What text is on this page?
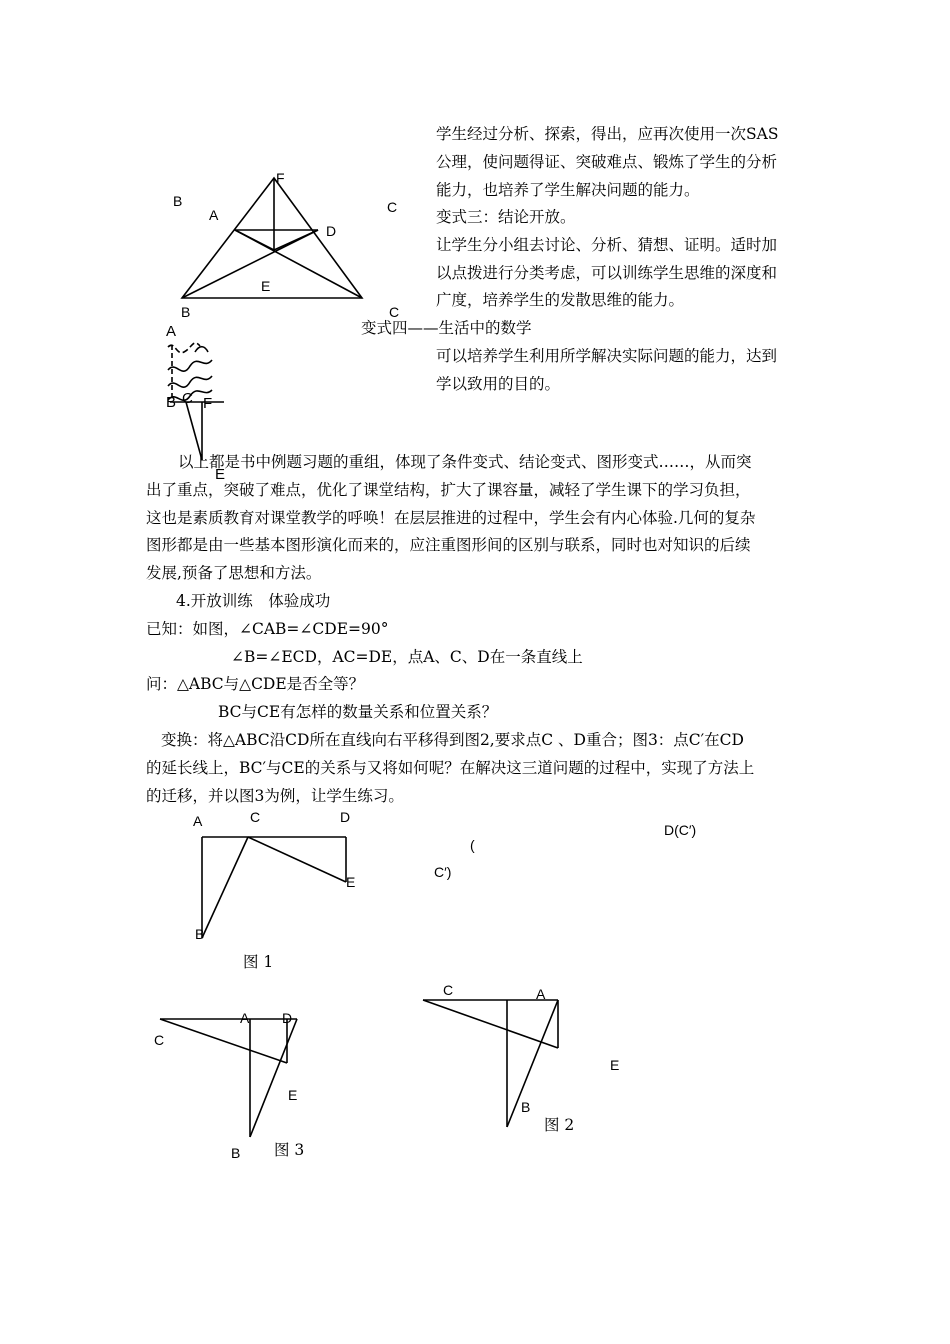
学生经过分析、探索，得出，应再次使用一次SAS
公理，使问题得证、突破难点、锻炼了学生的分析
能力，也培养了学生解决问题的能力。
变式三：结论开放。
让学生分小组去讨论、分析、猜想、证明。适时加
以点拨进行分类考虑，可以训练学生思维的深度和
广度，培养学生的发散思维的能力。
变式四——生活中的数学
可以培养学生利用所学解决实际问题的能力，达到
学以致用的目的。
F
B
A	C
D
E
B	C
A
B C F
E
以上都是书中例题习题的重组，体现了条件变式、结论变式、图形变式……，从而突
出了重点，突破了难点，优化了课堂结构，扩大了课容量，减轻了学生课下的学习负担，
这也是素质教育对课堂教学的呼唤！在层层推进的过程中，学生会有内心体验.几何的复杂
图形都是由一些基本图形演化而来的，应注重图形间的区别与联系，同时也对知识的后续
发展,预备了思想和方法。
4.开放训练　体验成功
已知：如图，∠CAB=∠CDE=90°
∠B=∠ECD，AC=DE，点A、C、D在一条直线上
问：△ABC与△CDE是否全等？
BC与CE有怎样的数量关系和位置关系？
变换：将△ABC沿CD所在直线向右平移得到图2,要求点C 、D重合；图3：点C′在CD
的延长线上，BC′与CE的关系与又将如何呢？在解决这三道问题的过程中，实现了方法上
的迁移，并以图3为例，让学生练习。
A	C	D
E
B
图 1
D(C′)
(
C′)
A D
C
E
B 图 3
C	A
E
B
图 2
